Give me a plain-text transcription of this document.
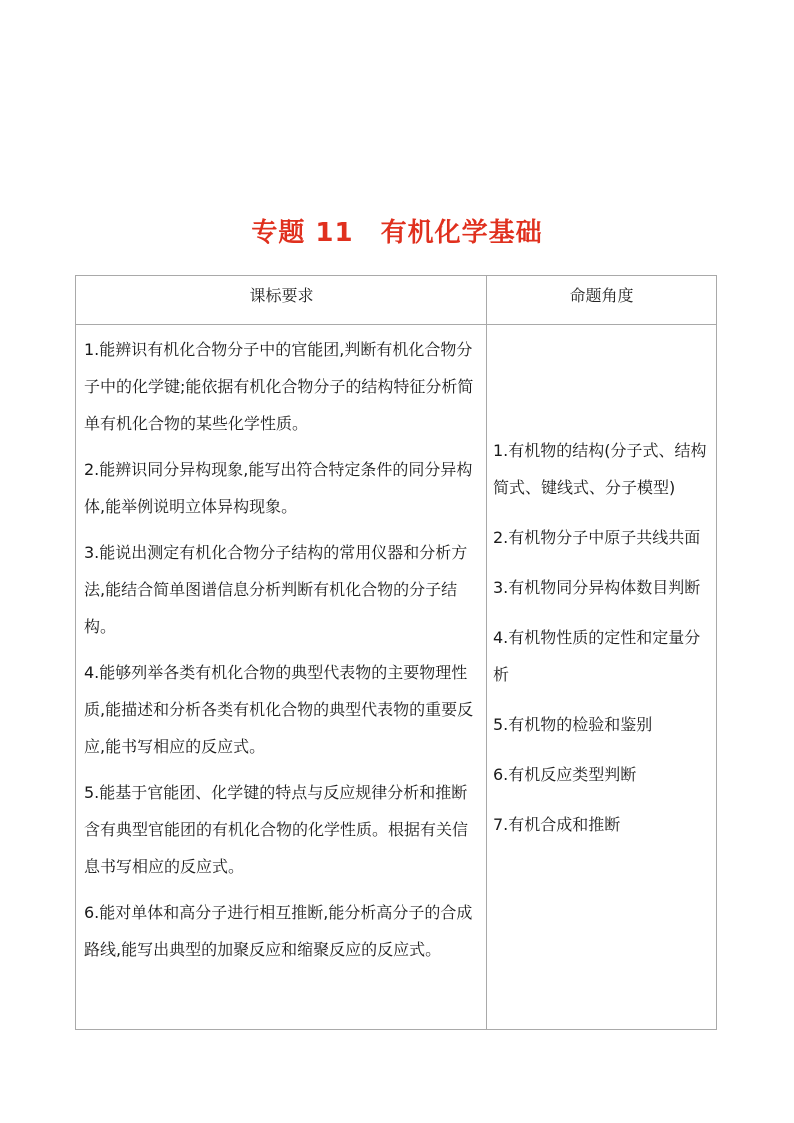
专题 11　有机化学基础
课标要求	命题角度

1.能辨识有机化合物分子中的官能团,判断有机化合物分子中的化学键;能依据有机化合物分子的结构特征分析简单有机化合物的某些化学性质。

2.能辨识同分异构现象,能写出符合特定条件的同分异构体,能举例说明立体异构现象。

3.能说出测定有机化合物分子结构的常用仪器和分析方法,能结合简单图谱信息分析判断有机化合物的分子结构。

4.能够列举各类有机化合物的典型代表物的主要物理性质,能描述和分析各类有机化合物的典型代表物的重要反应,能书写相应的反应式。

5.能基于官能团、化学键的特点与反应规律分析和推断含有典型官能团的有机化合物的化学性质。根据有关信息书写相应的反应式。

6.能对单体和高分子进行相互推断,能分析高分子的合成路线,能写出典型的加聚反应和缩聚反应的反应式。

1.有机物的结构(分子式、结构简式、键线式、分子模型)

2.有机物分子中原子共线共面

3.有机物同分异构体数目判断

4.有机物性质的定性和定量分析

5.有机物的检验和鉴别

6.有机反应类型判断

7.有机合成和推断
